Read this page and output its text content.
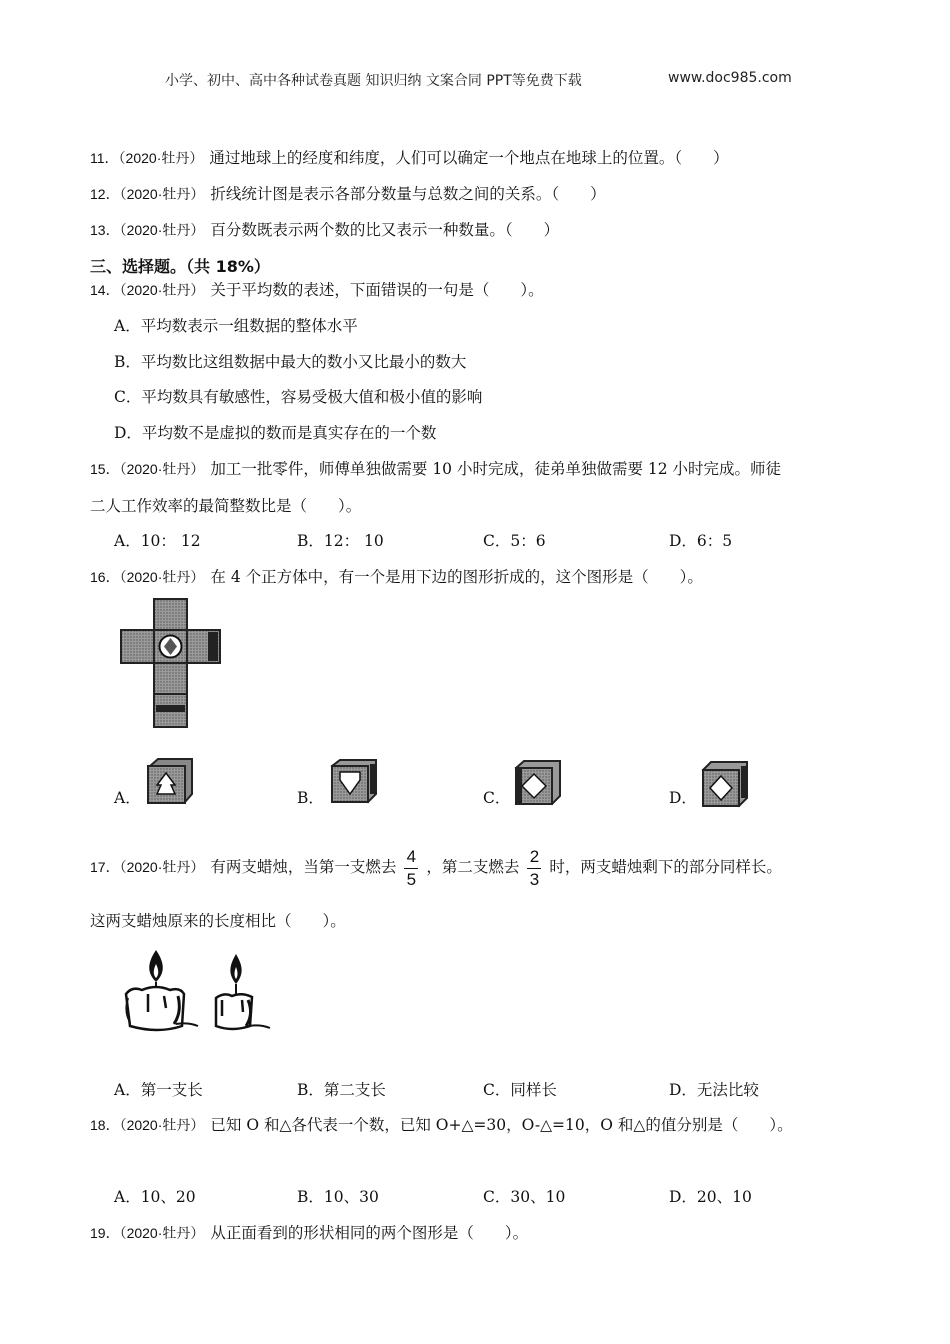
小学、初中、高中各种试卷真题 知识归纳 文案合同 PPT等免费下载	www.doc985.com
11．（2020·牡丹） 通过地球上的经度和纬度，人们可以确定一个地点在地球上的位置。（　　）
12．（2020·牡丹） 折线统计图是表示各部分数量与总数之间的关系。（　　）
13．（2020·牡丹） 百分数既表示两个数的比又表示一种数量。（　　）
三、选择题。（共 18%）
14．（2020·牡丹） 关于平均数的表述，下面错误的一句是（　　）。
A．平均数表示一组数据的整体水平
B．平均数比这组数据中最大的数小又比最小的数大
C．平均数具有敏感性，容易受极大值和极小值的影响
D．平均数不是虚拟的数而是真实存在的一个数
15．（2020·牡丹） 加工一批零件，师傅单独做需要 10 小时完成，徒弟单独做需要 12 小时完成。师徒
二人工作效率的最简整数比是（　　）。
A．10： 12	B．12： 10	C．5：6	D．6：5
16．（2020·牡丹） 在 4 个正方体中，有一个是用下边的图形折成的，这个图形是（　　）。
A．	B．	C．	D．
17．（2020·牡丹） 有两支蜡烛，当第一支燃去 $\frac{4}{5}$ ，第二支燃去 $\frac{2}{3}$ 时，两支蜡烛剩下的部分同样长。
这两支蜡烛原来的长度相比（　　）。
A．第一支长	B．第二支长	C．同样长	D．无法比较
18．（2020·牡丹） 已知 O 和△各代表一个数，已知 O+△=30，O-△=10，O 和△的值分别是（　　）。
A．10、20	B．10、30	C．30、10	D．20、10
19．（2020·牡丹） 从正面看到的形状相同的两个图形是（　　）。
